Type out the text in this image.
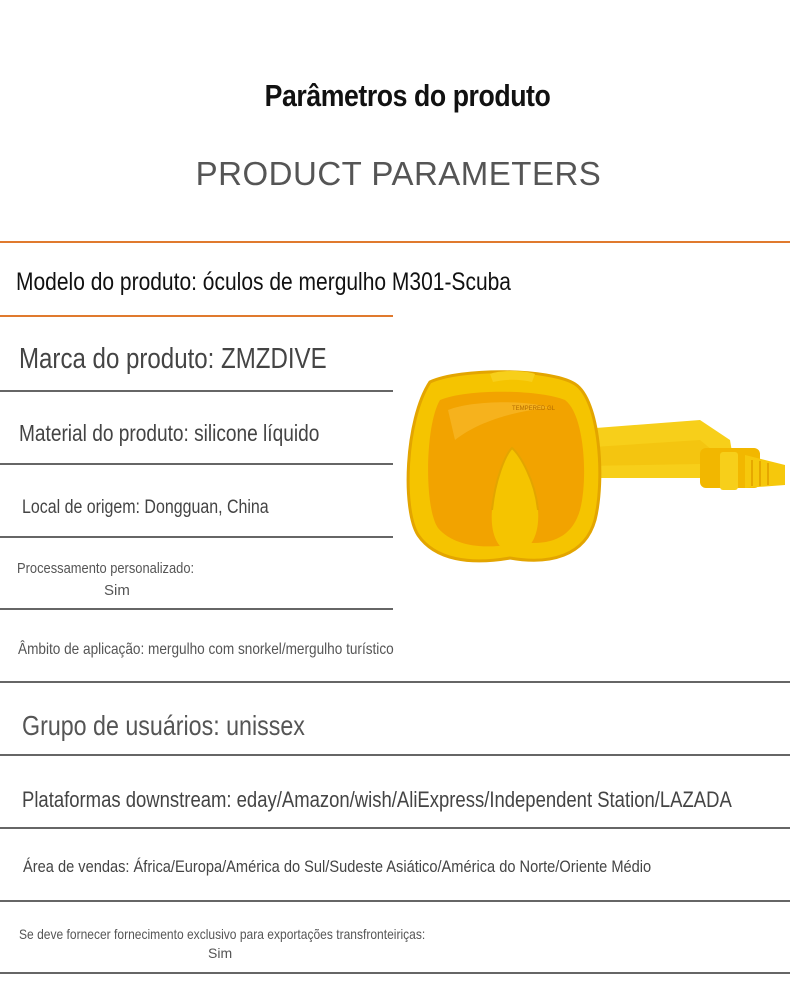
Parâmetros do produto
PRODUCT PARAMETERS
Modelo do produto: óculos de mergulho M301-Scuba
Marca do produto: ZMZDIVE
Material do produto: silicone líquido
Local de origem: Dongguan, China
Processamento personalizado:
Sim
Âmbito de aplicação: mergulho com snorkel/mergulho turístico
Grupo de usuários: unissex
Plataformas downstream: eday/Amazon/wish/AliExpress/Independent Station/LAZADA
Área de vendas: África/Europa/América do Sul/Sudeste Asiático/América do Norte/Oriente Médio
Se deve fornecer fornecimento exclusivo para exportações transfronteiriças:
Sim
TEMPERED GL
